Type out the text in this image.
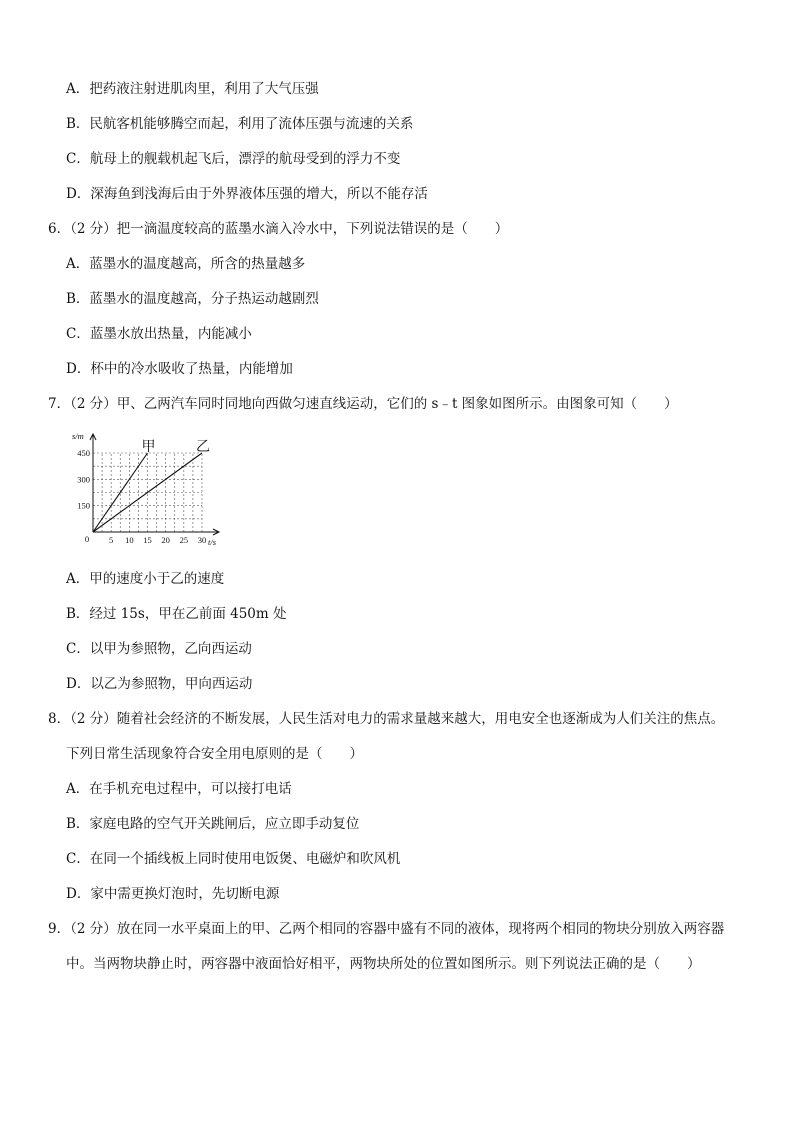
A．把药液注射进肌肉里，利用了大气压强
B．民航客机能够腾空而起，利用了流体压强与流速的关系
C．航母上的舰载机起飞后，漂浮的航母受到的浮力不变
D．深海鱼到浅海后由于外界液体压强的增大，所以不能存活
6．（2 分）把一滴温度较高的蓝墨水滴入冷水中，下列说法错误的是（　　）
A．蓝墨水的温度越高，所含的热量越多
B．蓝墨水的温度越高，分子热运动越剧烈
C．蓝墨水放出热量，内能减小
D．杯中的冷水吸收了热量，内能增加
7．（2 分）甲、乙两汽车同时同地向西做匀速直线运动，它们的 s﹣t 图象如图所示。由图象可知（　　）
甲	乙
5 10 15 20 25 30
150
300
450
0
s/m
t/s
A．甲的速度小于乙的速度
B．经过 15s，甲在乙前面 450m 处
C．以甲为参照物，乙向西运动
D．以乙为参照物，甲向西运动
8．（2 分）随着社会经济的不断发展，人民生活对电力的需求量越来越大，用电安全也逐渐成为人们关注的焦点。
下列日常生活现象符合安全用电原则的是（　　）
A．在手机充电过程中，可以接打电话
B．家庭电路的空气开关跳闸后，应立即手动复位
C．在同一个插线板上同时使用电饭煲、电磁炉和吹风机
D．家中需更换灯泡时，先切断电源
9．（2 分）放在同一水平桌面上的甲、乙两个相同的容器中盛有不同的液体，现将两个相同的物块分别放入两容器
中。当两物块静止时，两容器中液面恰好相平，两物块所处的位置如图所示。则下列说法正确的是（　　）
